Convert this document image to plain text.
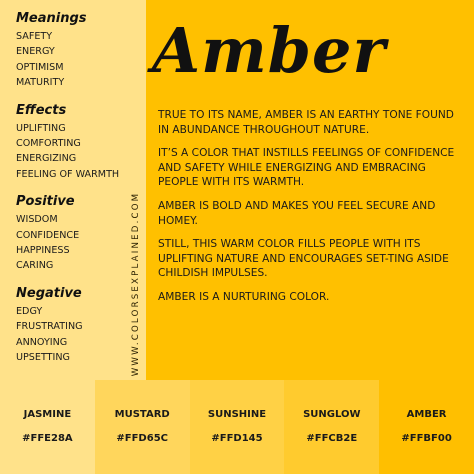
Meanings
SAFETY
ENERGY
OPTIMISM
MATURITY
Effects
UPLIFTING
COMFORTING
ENERGIZING
FEELING OF WARMTH
Positive
WISDOM
CONFIDENCE
HAPPINESS
CARING
Negative
EDGY
FRUSTRATING
ANNOYING
UPSETTING	WWW.COLORSEXPLAINED.COM
Amber

TRUE TO ITS NAME, AMBER IS AN EARTHY TONE FOUND IN ABUNDANCE THROUGHOUT NATURE.

IT’S A COLOR THAT INSTILLS FEELINGS OF CONFIDENCE AND SAFETY WHILE ENERGIZING AND EMBRACING PEOPLE WITH ITS WARMTH.

AMBER IS BOLD AND MAKES YOU FEEL SECURE AND HOMEY.

STILL, THIS WARM COLOR FILLS PEOPLE WITH ITS UPLIFTING NATURE AND ENCOURAGES SET-TING ASIDE CHILDISH IMPULSES.

AMBER IS A NURTURING COLOR.

JASMINE
#FFE28A
MUSTARD
#FFD65C
SUNSHINE
#FFD145
SUNGLOW
#FFCB2E
AMBER
#FFBF00
